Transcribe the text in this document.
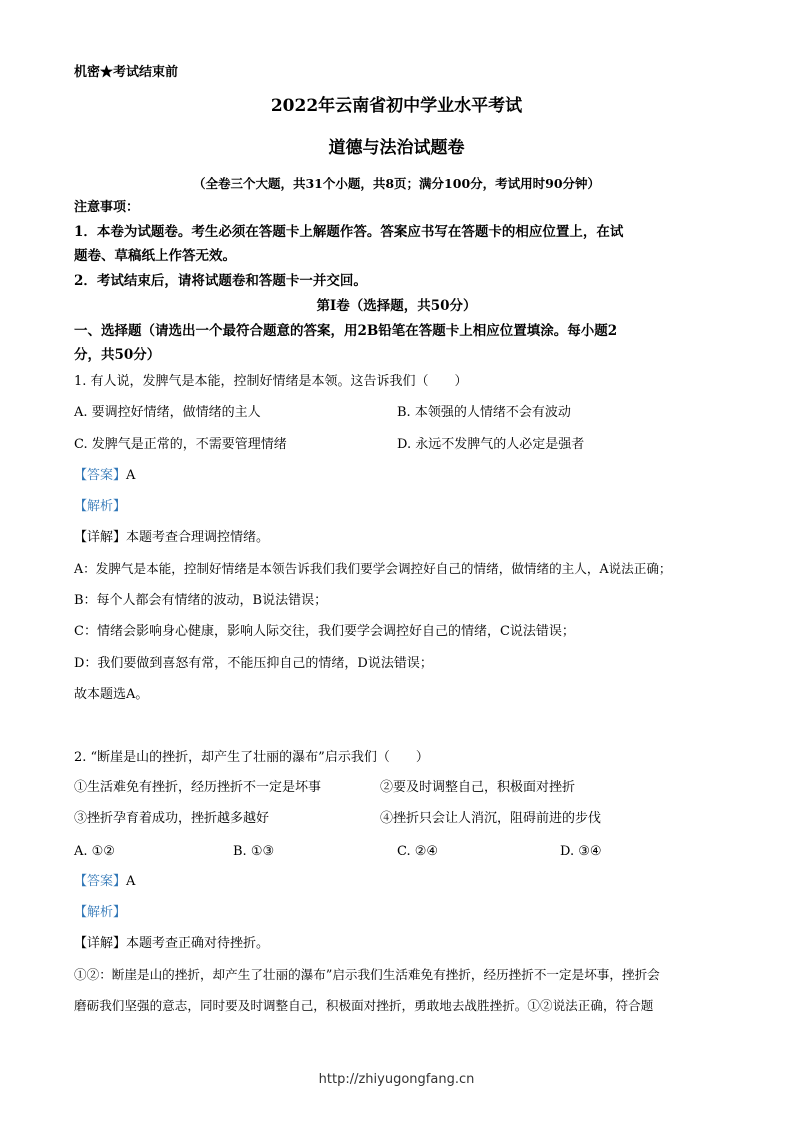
机密★考试结束前
2022年云南省初中学业水平考试
道德与法治试题卷
（全卷三个大题，共31个小题，共8页；满分100分，考试用时90分钟）
注意事项：
1．本卷为试题卷。考生必须在答题卡上解题作答。答案应书写在答题卡的相应位置上，在试
题卷、草稿纸上作答无效。
2．考试结束后，请将试题卷和答题卡一并交回。
第I卷（选择题，共50分）
一、选择题（请选出一个最符合题意的答案，用2B铅笔在答题卡上相应位置填涂。每小题2
分，共50分）
1. 有人说，发脾气是本能，控制好情绪是本领。这告诉我们（　　）
A. 要调控好情绪，做情绪的主人	B. 本领强的人情绪不会有波动
C. 发脾气是正常的，不需要管理情绪	D. 永远不发脾气的人必定是强者
【答案】A
【解析】
【详解】本题考查合理调控情绪。
A：发脾气是本能，控制好情绪是本领告诉我们我们要学会调控好自己的情绪，做情绪的主人，A说法正确；
B：每个人都会有情绪的波动，B说法错误；
C：情绪会影响身心健康，影响人际交往，我们要学会调控好自己的情绪，C说法错误；
D：我们要做到喜怒有常，不能压抑自己的情绪，D说法错误；
故本题选A。
2. “断崖是山的挫折，却产生了壮丽的瀑布”启示我们（　　）
①生活难免有挫折，经历挫折不一定是坏事	②要及时调整自己，积极面对挫折
③挫折孕育着成功，挫折越多越好	④挫折只会让人消沉，阻碍前进的步伐
A. ①②	B. ①③	C. ②④	D. ③④
【答案】A
【解析】
【详解】本题考查正确对待挫折。
①②：断崖是山的挫折，却产生了壮丽的瀑布”启示我们生活难免有挫折，经历挫折不一定是坏事，挫折会
磨砺我们坚强的意志，同时要及时调整自己，积极面对挫折，勇敢地去战胜挫折。①②说法正确，符合题
http://zhiyugongfang.cn
